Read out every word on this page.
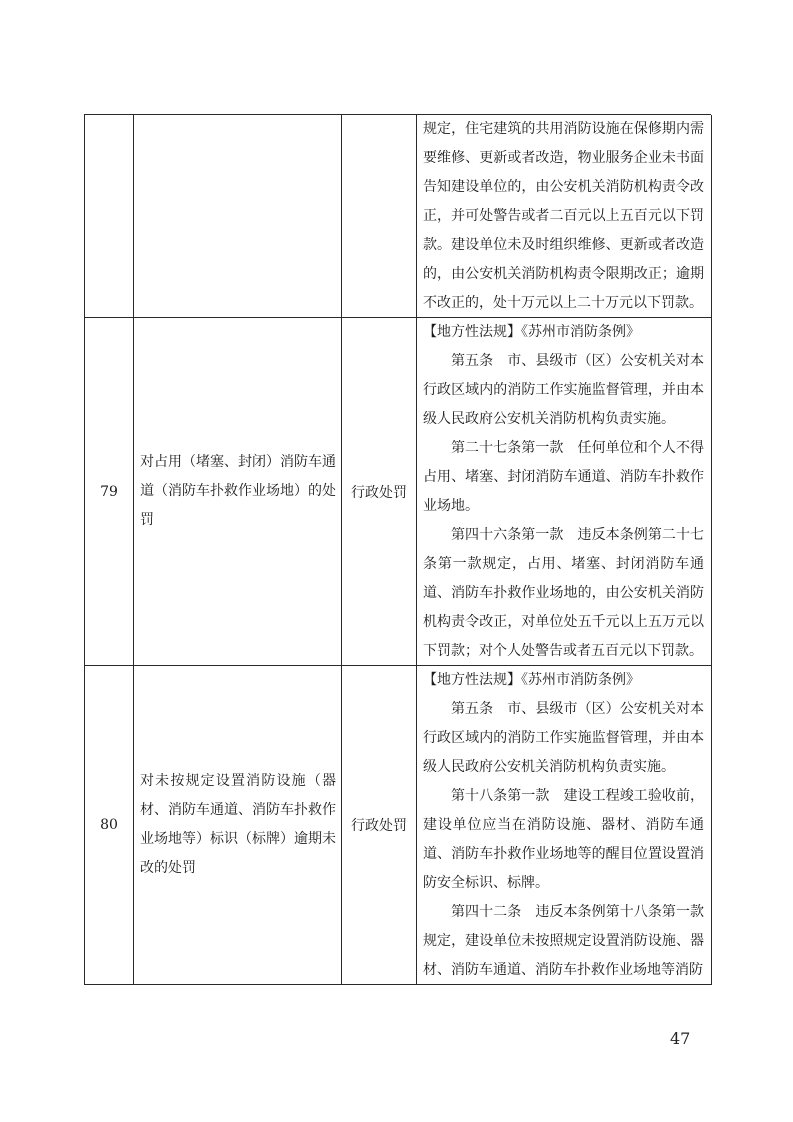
规定，住宅建筑的共用消防设施在保修期内需要维修、更新或者改造，物业服务企业未书面告知建设单位的，由公安机关消防机构责令改正，并可处警告或者二百元以上五百元以下罚款。建设单位未及时组织维修、更新或者改造的，由公安机关消防机构责令限期改正；逾期不改正的，处十万元以上二十万元以下罚款。

79
对占用（堵塞、封闭）消防车通道（消防车扑救作业场地）的处罚
行政处罚

【地方性法规】《苏州市消防条例》

第五条　市、县级市（区）公安机关对本行政区域内的消防工作实施监督管理，并由本级人民政府公安机关消防机构负责实施。

第二十七条第一款　任何单位和个人不得占用、堵塞、封闭消防车通道、消防车扑救作业场地。

第四十六条第一款　违反本条例第二十七条第一款规定，占用、堵塞、封闭消防车通道、消防车扑救作业场地的，由公安机关消防机构责令改正，对单位处五千元以上五万元以下罚款；对个人处警告或者五百元以下罚款。

80
对未按规定设置消防设施（器材、消防车通道、消防车扑救作业场地等）标识（标牌）逾期未改的处罚
行政处罚

【地方性法规】《苏州市消防条例》

第五条　市、县级市（区）公安机关对本行政区域内的消防工作实施监督管理，并由本级人民政府公安机关消防机构负责实施。

第十八条第一款　建设工程竣工验收前，建设单位应当在消防设施、器材、消防车通道、消防车扑救作业场地等的醒目位置设置消防安全标识、标牌。

第四十二条　违反本条例第十八条第一款规定，建设单位未按照规定设置消防设施、器材、消防车通道、消防车扑救作业场地等消防

47
